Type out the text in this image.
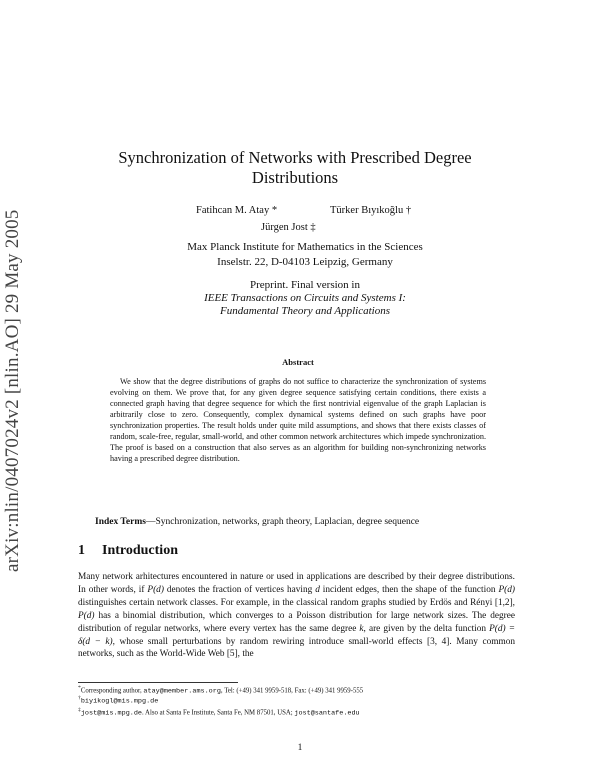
arXiv:nlin/0407024v2 [nlin.AO] 29 May 2005
Synchronization of Networks with Prescribed Degree Distributions
Fatihcan M. Atay *	Türker Bıyıkoğlu †
Jürgen Jost ‡
Max Planck Institute for Mathematics in the Sciences
Inselstr. 22, D-04103 Leipzig, Germany
Preprint. Final version in
IEEE Transactions on Circuits and Systems I:
Fundamental Theory and Applications
Abstract
We show that the degree distributions of graphs do not suffice to characterize the synchronization of systems evolving on them. We prove that, for any given degree sequence satisfying certain conditions, there exists a connected graph having that degree sequence for which the first nontrivial eigenvalue of the graph Laplacian is arbitrarily close to zero. Consequently, complex dynamical systems defined on such graphs have poor synchronization properties. The result holds under quite mild assumptions, and shows that there exists classes of random, scale-free, regular, small-world, and other common network architectures which impede synchronization. The proof is based on a construction that also serves as an algorithm for building non-synchronizing networks having a prescribed degree distribution.
Index Terms—Synchronization, networks, graph theory, Laplacian, degree sequence
1 Introduction
Many network arhitectures encountered in nature or used in applications are described by their degree distributions. In other words, if P(d) denotes the fraction of vertices having d incident edges, then the shape of the function P(d) distinguishes certain network classes. For example, in the classical random graphs studied by Erdös and Rényi [1,2], P(d) has a binomial distribution, which converges to a Poisson distribution for large network sizes. The degree distribution of regular networks, where every vertex has the same degree k, are given by the delta function P(d) = δ(d − k), whose small perturbations by random rewiring introduce small-world effects [3, 4]. Many common networks, such as the World-Wide Web [5], the
*Corresponding author, atay@member.ams.org, Tel: (+49) 341 9959-518, Fax: (+49) 341 9959-555
†biyikogl@mis.mpg.de
‡jost@mis.mpg.de. Also at Santa Fe Institute, Santa Fe, NM 87501, USA; jost@santafe.edu
1
